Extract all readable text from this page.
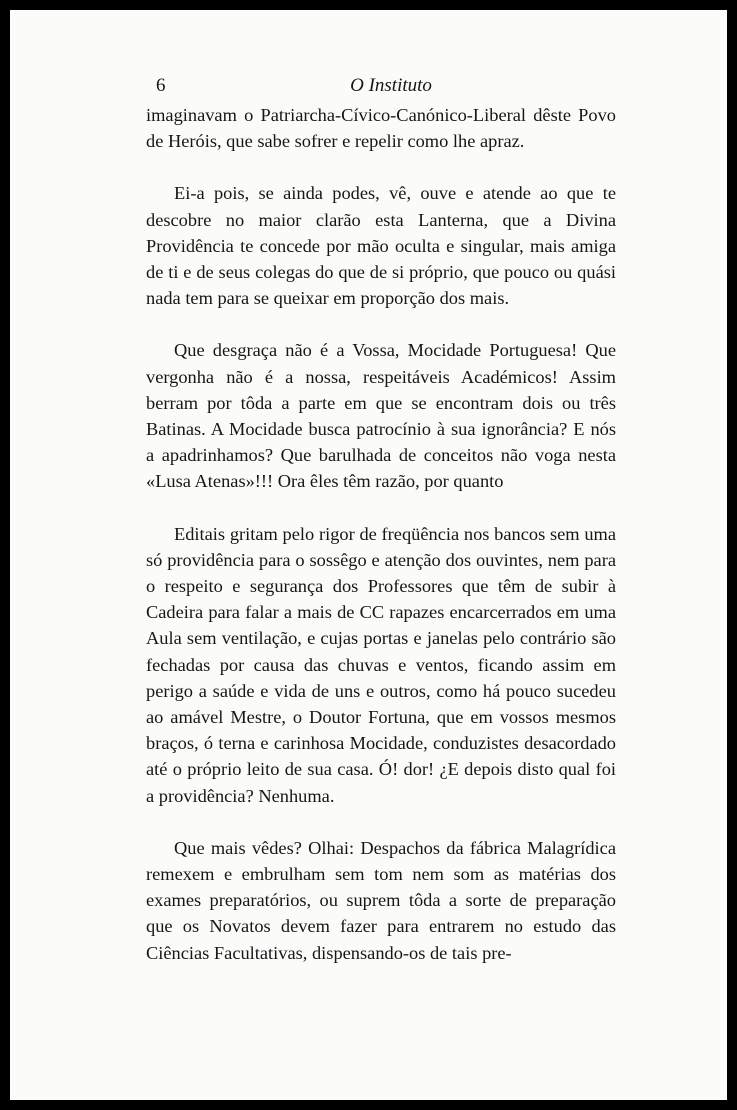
6	O Instituto

imaginavam o Patriarcha-Cívico-Canónico-Liberal dêste Povo de Heróis, que sabe sofrer e repelir como lhe apraz.

Ei-a pois, se ainda podes, vê, ouve e atende ao que te descobre no maior clarão esta Lanterna, que a Divina Providência te concede por mão oculta e singular, mais amiga de ti e de seus colegas do que de si próprio, que pouco ou quási nada tem para se queixar em proporção dos mais.

Que desgraça não é a Vossa, Mocidade Portuguesa! Que vergonha não é a nossa, respeitáveis Académicos! Assim berram por tôda a parte em que se encontram dois ou três Batinas. A Mocidade busca patrocínio à sua ignorância? E nós a apadrinhamos? Que barulhada de conceitos não voga nesta «Lusa Atenas»!!! Ora êles têm razão, por quanto

Editais gritam pelo rigor de freqüência nos bancos sem uma só providência para o sossêgo e atenção dos ouvintes, nem para o respeito e segurança dos Professores que têm de subir à Cadeira para falar a mais de CC rapazes encarcerrados em uma Aula sem ventilação, e cujas portas e janelas pelo contrário são fechadas por causa das chuvas e ventos, ficando assim em perigo a saúde e vida de uns e outros, como há pouco sucedeu ao amável Mestre, o Doutor Fortuna, que em vossos mesmos braços, ó terna e carinhosa Mocidade, conduzistes desacordado até o próprio leito de sua casa. Ó! dor! ¿E depois disto qual foi a providência? Nenhuma.

Que mais vêdes? Olhai: Despachos da fábrica Malagrídica remexem e embrulham sem tom nem som as matérias dos exames preparatórios, ou suprem tôda a sorte de preparação que os Novatos devem fazer para entrarem no estudo das Ciências Facultativas, dispensando-os de tais pre-
